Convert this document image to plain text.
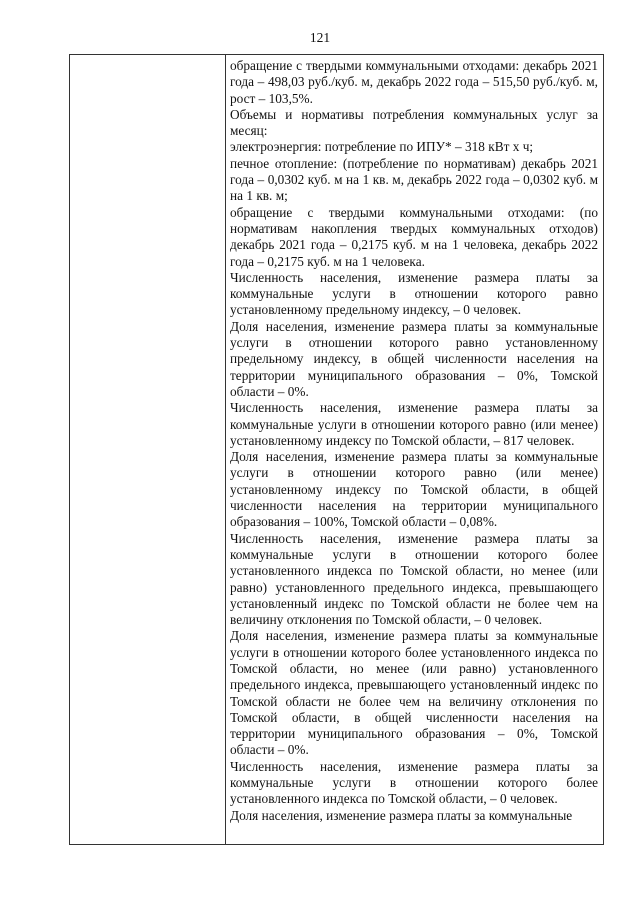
121

обращение с твердыми коммунальными отходами: декабрь 2021 года – 498,03 руб./куб. м, декабрь 2022 года – 515,50 руб./куб. м, рост – 103,5%.

Объемы и нормативы потребления коммунальных услуг за месяц:

электроэнергия: потребление по ИПУ* – 318 кВт х ч;

печное отопление: (потребление по нормативам) декабрь 2021 года – 0,0302 куб. м на 1 кв. м, декабрь 2022 года – 0,0302 куб. м на 1 кв. м;

обращение с твердыми коммунальными отходами: (по нормативам накопления твердых коммунальных отходов) декабрь 2021 года – 0,2175 куб. м на 1 человека, декабрь 2022 года – 0,2175 куб. м на 1 человека.

Численность населения, изменение размера платы за коммунальные услуги в отношении которого равно установленному предельному индексу, – 0 человек.

Доля населения, изменение размера платы за коммунальные услуги в отношении которого равно установленному предельному индексу, в общей численности населения на территории муниципального образования – 0%, Томской области – 0%.

Численность населения, изменение размера платы за коммунальные услуги в отношении которого равно (или менее) установленному индексу по Томской области, – 817 человек.

Доля населения, изменение размера платы за коммунальные услуги в отношении которого равно (или менее) установленному индексу по Томской области, в общей численности населения на территории муниципального образования – 100%, Томской области – 0,08%.

Численность населения, изменение размера платы за коммунальные услуги в отношении которого более установленного индекса по Томской области, но менее (или равно) установленного предельного индекса, превышающего установленный индекс по Томской области не более чем на величину отклонения по Томской области, – 0 человек.

Доля населения, изменение размера платы за коммунальные услуги в отношении которого более установленного индекса по Томской области, но менее (или равно) установленного предельного индекса, превышающего установленный индекс по Томской области не более чем на величину отклонения по Томской области, в общей численности населения на территории муниципального образования – 0%, Томской области – 0%.

Численность населения, изменение размера платы за коммунальные услуги в отношении которого более установленного индекса по Томской области, – 0 человек.

Доля населения, изменение размера платы за коммунальные
